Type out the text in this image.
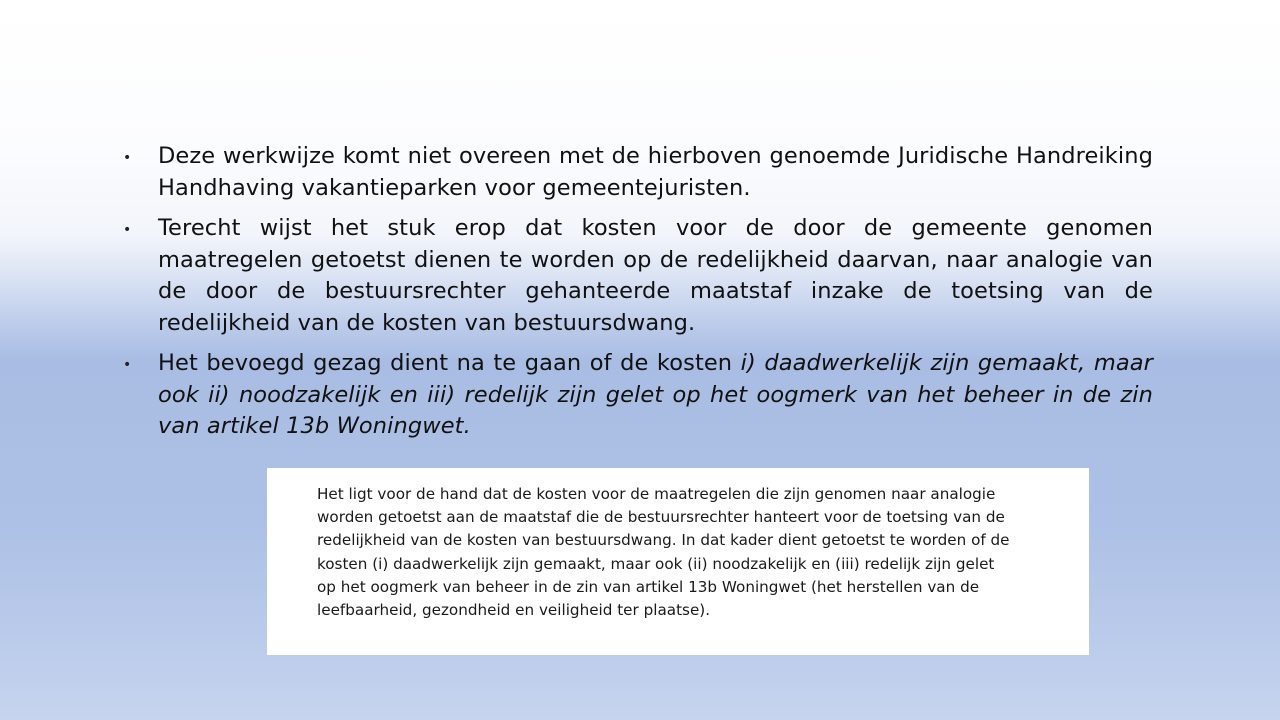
• Deze werkwijze komt niet overeen met de hierboven genoemde Juridische Handreiking Handhaving vakantieparken voor gemeentejuristen.
• Terecht wijst het stuk erop dat kosten voor de door de gemeente genomen maatregelen getoetst dienen te worden op de redelijkheid daarvan, naar analogie van de door de bestuursrechter gehanteerde maatstaf inzake de toetsing van de redelijkheid van de kosten van bestuursdwang.
• Het bevoegd gezag dient na te gaan of de kosten i) daadwerkelijk zijn gemaakt, maar ook ii) noodzakelijk en iii) redelijk zijn gelet op het oogmerk van het beheer in de zin van artikel 13b Woningwet.

Het ligt voor de hand dat de kosten voor de maatregelen die zijn genomen naar analogie
worden getoetst aan de maatstaf die de bestuursrechter hanteert voor de toetsing van de
redelijkheid van de kosten van bestuursdwang. In dat kader dient getoetst te worden of de
kosten (i) daadwerkelijk zijn gemaakt, maar ook (ii) noodzakelijk en (iii) redelijk zijn gelet
op het oogmerk van beheer in de zin van artikel 13b Woningwet (het herstellen van de
leefbaarheid, gezondheid en veiligheid ter plaatse).
